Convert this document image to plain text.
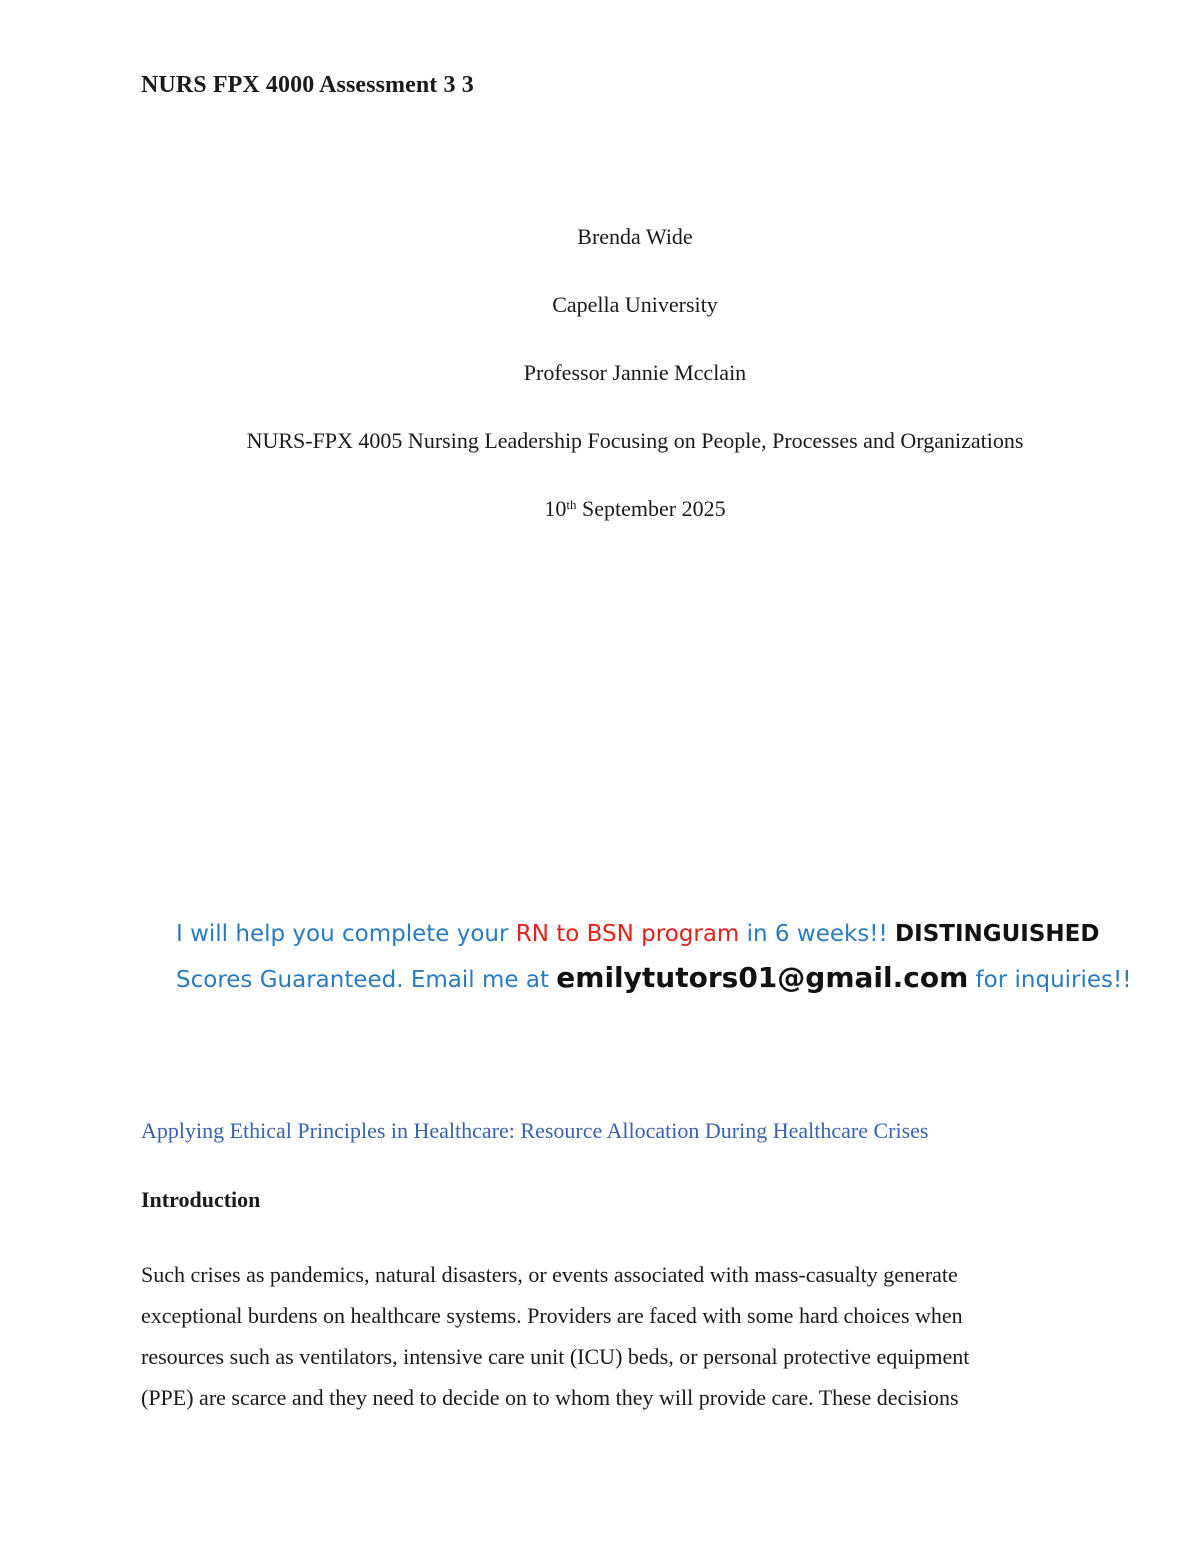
NURS FPX 4000 Assessment 3 3
Brenda Wide
Capella University
Professor Jannie Mcclain
NURS-FPX 4005 Nursing Leadership Focusing on People, Processes and Organizations
10th September 2025
I will help you complete your RN to BSN program in 6 weeks!! DISTINGUISHED
Scores Guaranteed. Email me at emilytutors01@gmail.com for inquiries!!
Applying Ethical Principles in Healthcare: Resource Allocation During Healthcare Crises
Introduction
Such crises as pandemics, natural disasters, or events associated with mass-casualty generate
exceptional burdens on healthcare systems. Providers are faced with some hard choices when
resources such as ventilators, intensive care unit (ICU) beds, or personal protective equipment
(PPE) are scarce and they need to decide on to whom they will provide care. These decisions
